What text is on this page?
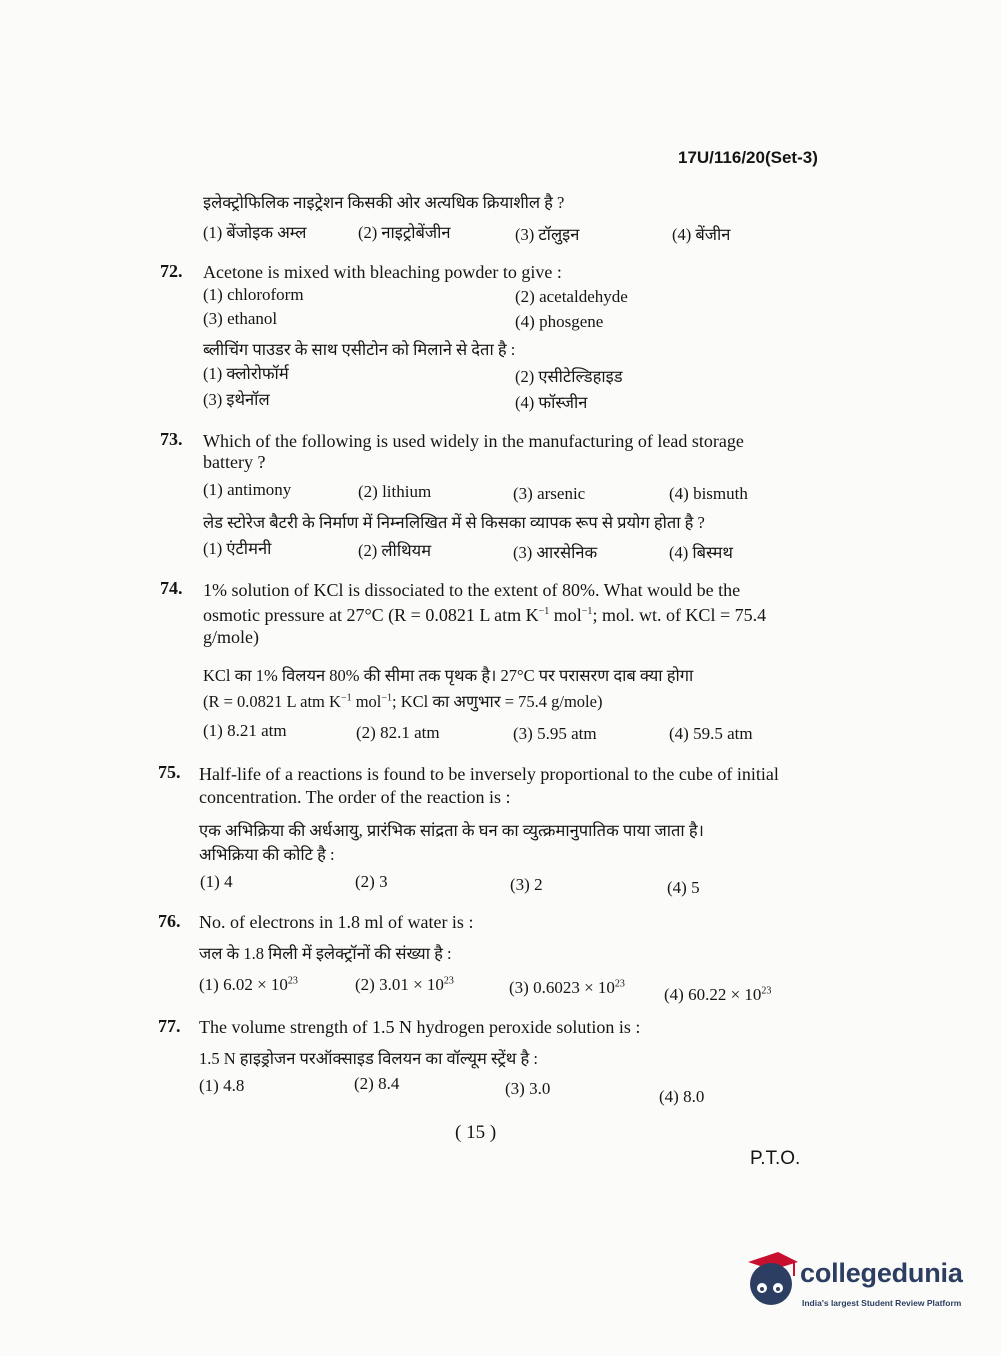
17U/116/20(Set-3)
इलेक्ट्रोफिलिक नाइट्रेशन किसकी ओर अत्यधिक क्रियाशील है ?
(1) बेंजोइक अम्ल	(2) नाइट्रोबेंजीन	(3) टॉलुइन	(4) बेंजीन
72. Acetone is mixed with bleaching powder to give :
(1) chloroform	(2) acetaldehyde
(3) ethanol	(4) phosgene
ब्लीचिंग पाउडर के साथ एसीटोन को मिलाने से देता है :
(1) क्लोरोफॉर्म	(2) एसीटेल्डिहाइड
(3) इथेनॉल	(4) फॉस्जीन
73. Which of the following is used widely in the manufacturing of lead storage
battery ?
(1) antimony	(2) lithium	(3) arsenic	(4) bismuth
लेड स्टोरेज बैटरी के निर्माण में निम्नलिखित में से किसका व्यापक रूप से प्रयोग होता है ?
(1) एंटीमनी	(2) लीथियम	(3) आरसेनिक	(4) बिस्मथ
74. 1% solution of KCl is dissociated to the extent of 80%. What would be the
osmotic pressure at 27°C (R = 0.0821 L atm $K^{-1}$ mol$^{-1}$; mol. wt. of KCl = 75.4
g/mole)
KCl का 1% विलयन 80% की सीमा तक पृथक है। 27°C पर परासरण दाब क्या होगा
(R = 0.0821 L atm $K^{-1}$ mol$^{-1}$; KCl का अणुभार = 75.4 g/mole)
(1) 8.21 atm	(2) 82.1 atm	(3) 5.95 atm	(4) 59.5 atm
75. Half-life of a reactions is found to be inversely proportional to the cube of initial
concentration. The order of the reaction is :
एक अभिक्रिया की अर्धआयु, प्रारंभिक सांद्रता के घन का व्युत्क्रमानुपातिक पाया जाता है।
अभिक्रिया की कोटि है :
(1) 4	(2) 3	(3) 2	(4) 5
76. No. of electrons in 1.8 ml of water is :
जल के 1.8 मिली में इलेक्ट्रॉनों की संख्या है :
(1) $6.02 \times 10^{23}$	(2) $3.01 \times 10^{23}$	(3) $0.6023 \times 10^{23}$
(4) $60.22 \times 10^{23}$
77. The volume strength of 1.5 N hydrogen peroxide solution is :
1.5 N हाइड्रोजन परऑक्साइड विलयन का वॉल्यूम स्ट्रेंथ है :
(1) 4.8	(2) 8.4	(3) 3.0	(4) 8.0
( 15 )
P.T.O.
collegedunia
India's largest Student Review Platform
